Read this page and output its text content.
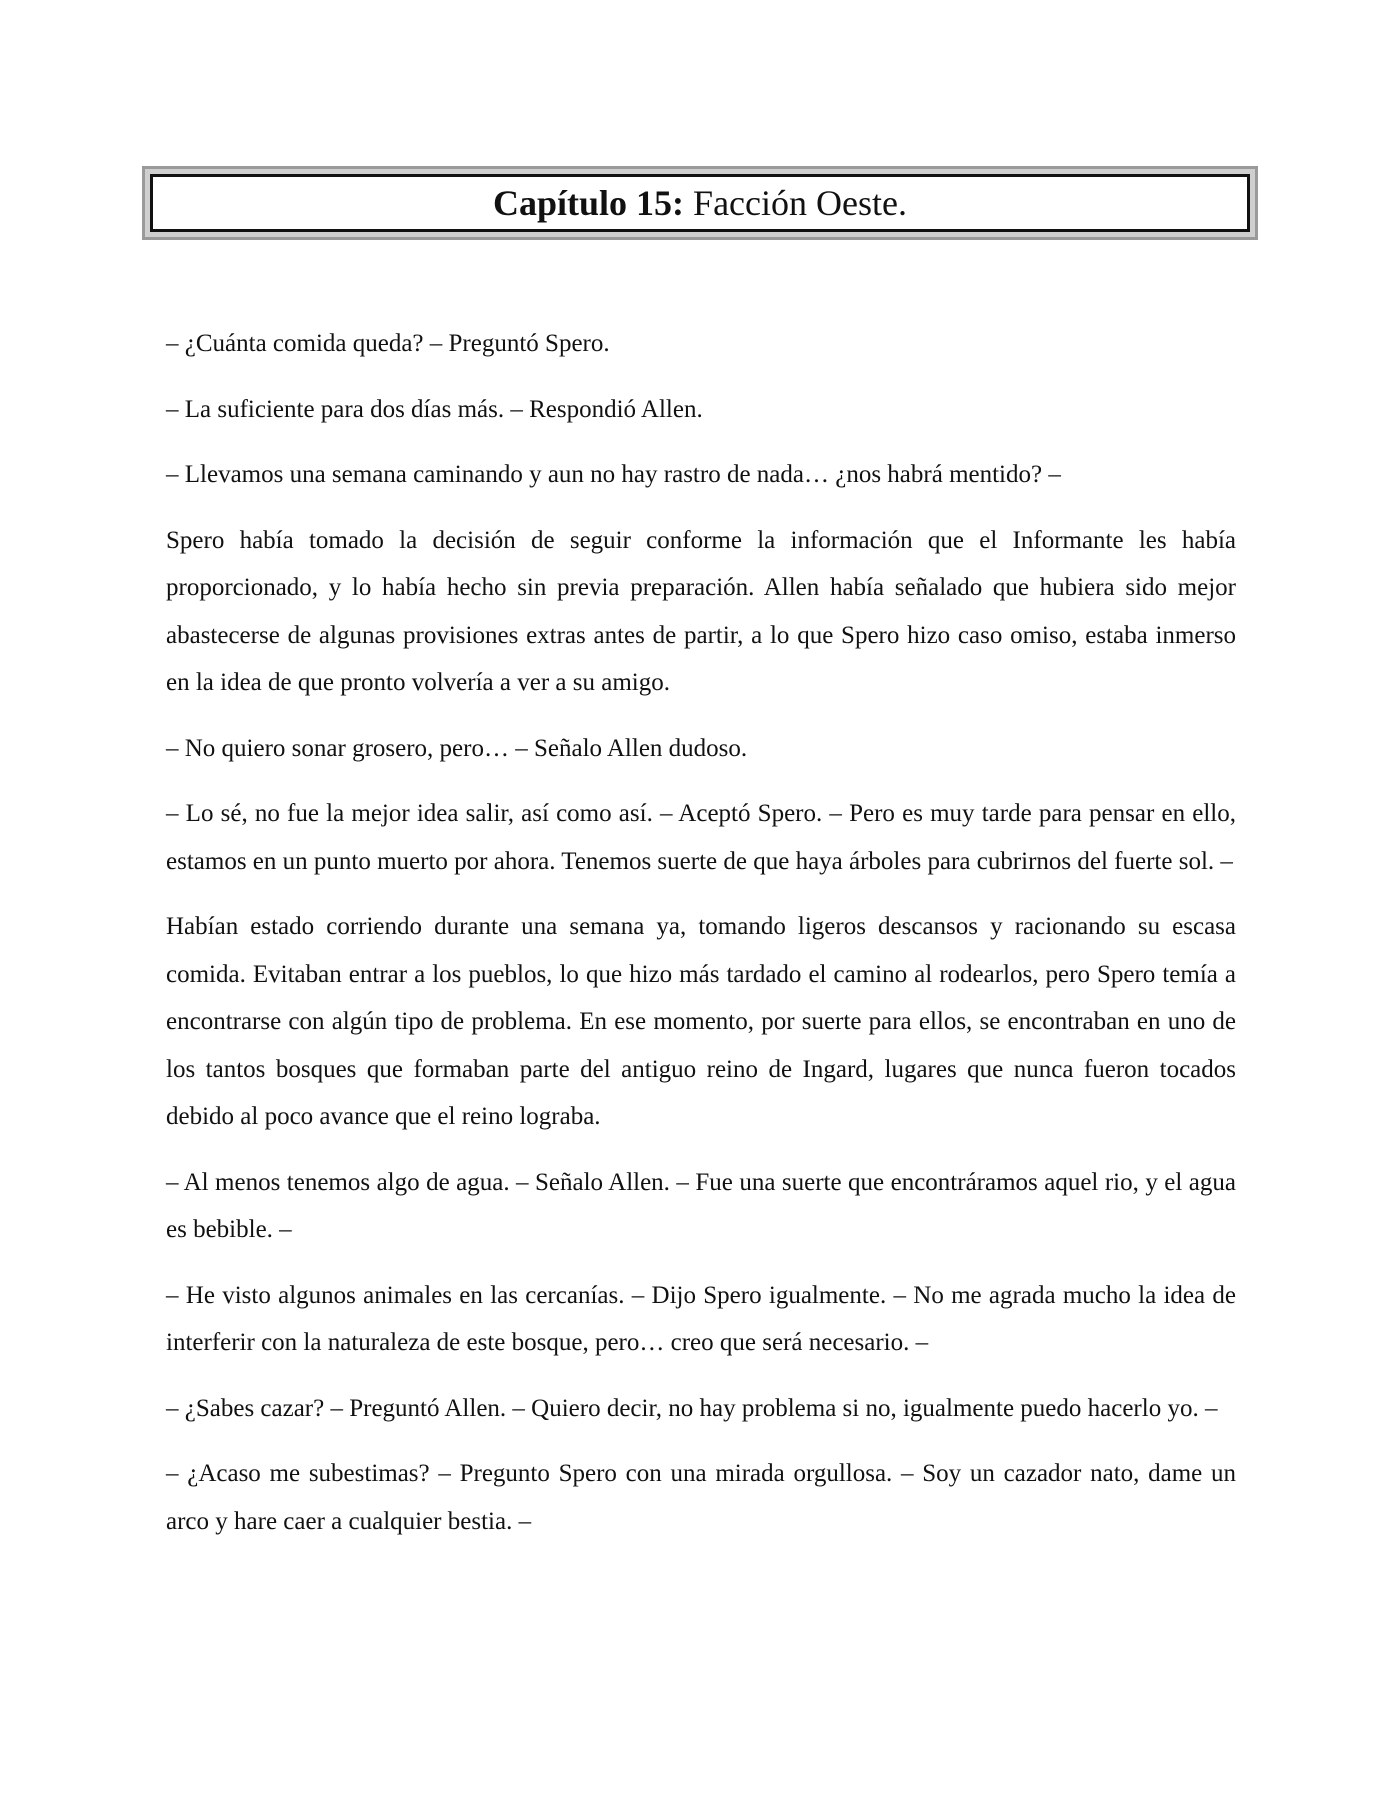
Capítulo 15: Facción Oeste.

– ¿Cuánta comida queda? – Preguntó Spero.

– La suficiente para dos días más. – Respondió Allen.

– Llevamos una semana caminando y aun no hay rastro de nada… ¿nos habrá mentido? –

Spero había tomado la decisión de seguir conforme la información que el Informante les había proporcionado, y lo había hecho sin previa preparación. Allen había señalado que hubiera sido mejor abastecerse de algunas provisiones extras antes de partir, a lo que Spero hizo caso omiso, estaba inmerso en la idea de que pronto volvería a ver a su amigo.

– No quiero sonar grosero, pero… – Señalo Allen dudoso.

– Lo sé, no fue la mejor idea salir, así como así. – Aceptó Spero. – Pero es muy tarde para pensar en ello, estamos en un punto muerto por ahora. Tenemos suerte de que haya árboles para cubrirnos del fuerte sol. –

Habían estado corriendo durante una semana ya, tomando ligeros descansos y racionando su escasa comida. Evitaban entrar a los pueblos, lo que hizo más tardado el camino al rodearlos, pero Spero temía a encontrarse con algún tipo de problema. En ese momento, por suerte para ellos, se encontraban en uno de los tantos bosques que formaban parte del antiguo reino de Ingard, lugares que nunca fueron tocados debido al poco avance que el reino lograba.

– Al menos tenemos algo de agua. – Señalo Allen. – Fue una suerte que encontráramos aquel rio, y el agua es bebible. –

– He visto algunos animales en las cercanías. – Dijo Spero igualmente. – No me agrada mucho la idea de interferir con la naturaleza de este bosque, pero… creo que será necesario. –

– ¿Sabes cazar? – Preguntó Allen. – Quiero decir, no hay problema si no, igualmente puedo hacerlo yo. –

– ¿Acaso me subestimas? – Pregunto Spero con una mirada orgullosa. – Soy un cazador nato, dame un arco y hare caer a cualquier bestia. –
